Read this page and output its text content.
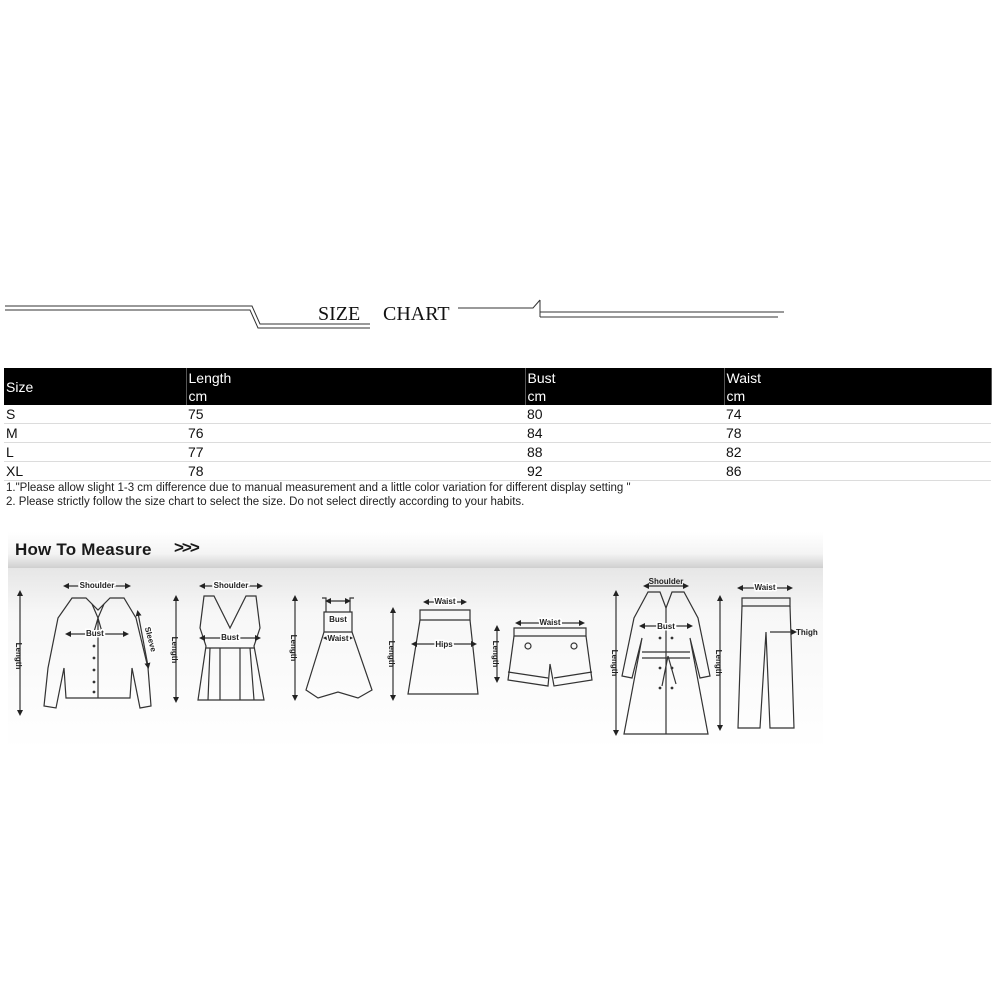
SIZE CHART
Size	Length	Bust	Waist
	cm	cm	cm
S	75	80	74
M	76	84	78
L	77	88	82
XL	78	92	86
1."Please allow slight 1-3 cm difference due to manual measurement and a little color variation for different display setting "			
2. Please strictly follow the size chart to select the size. Do not select directly according to your habits.			
How To Measure >>>
Shoulder
Length
Bust	Sleeve
Shoulder
Length	Bust	Length
Bust
Waist
Waist
Length	Hips
Waist
Length
Shoulder
Length
Bust
Waist
Length
Thigh
